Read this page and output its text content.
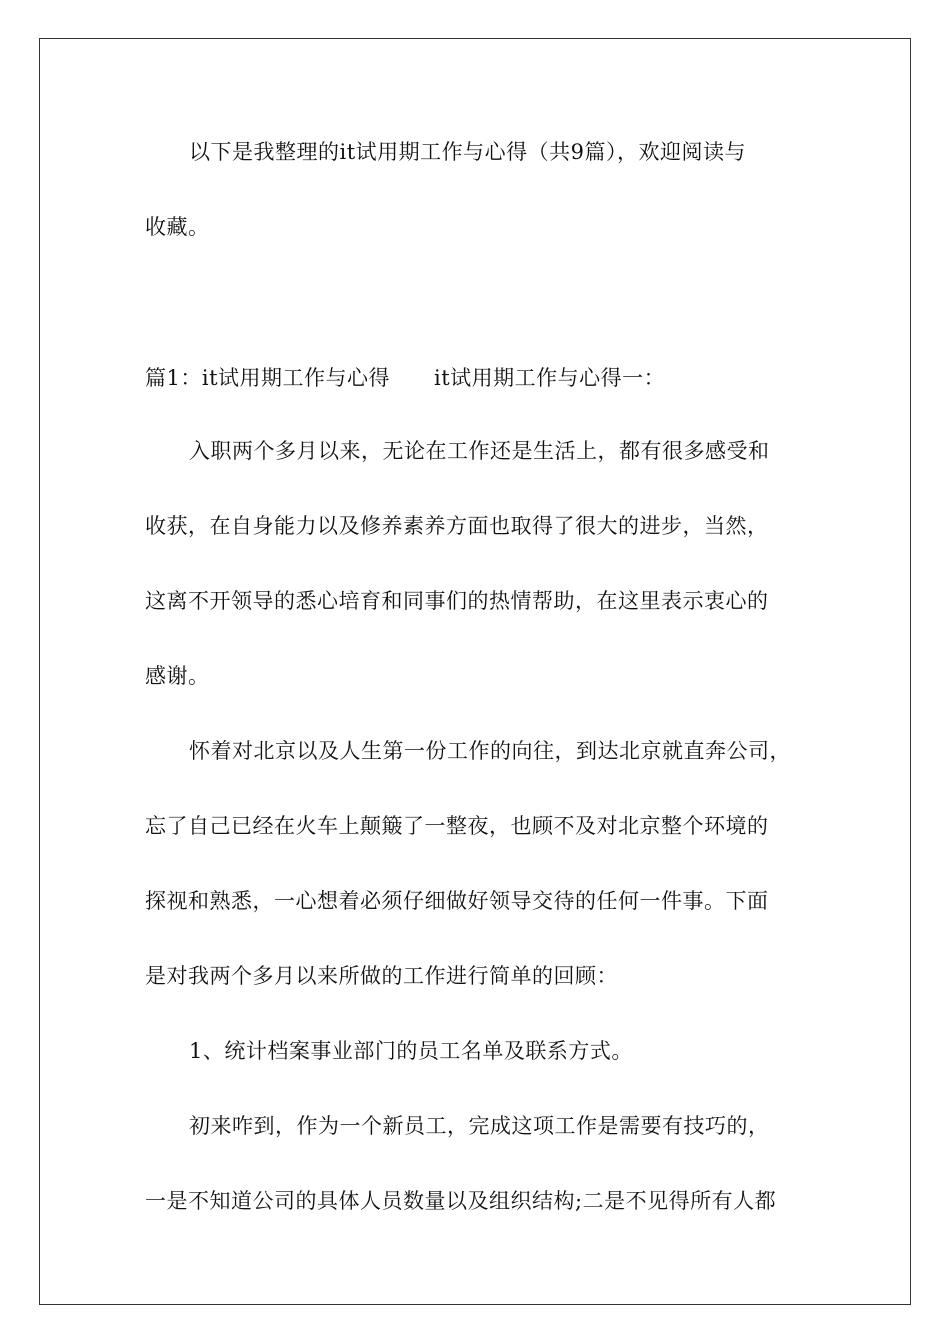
以下是我整理的it试用期工作与心得（共9篇），欢迎阅读与
收藏。
篇1：it试用期工作与心得 it试用期工作与心得一：
入职两个多月以来，无论在工作还是生活上，都有很多感受和
收获，在自身能力以及修养素养方面也取得了很大的进步，当然，
这离不开领导的悉心培育和同事们的热情帮助，在这里表示衷心的
感谢。
怀着对北京以及人生第一份工作的向往，到达北京就直奔公司，
忘了自己已经在火车上颠簸了一整夜，也顾不及对北京整个环境的
探视和熟悉，一心想着必须仔细做好领导交待的任何一件事。下面
是对我两个多月以来所做的工作进行简单的回顾：
1、统计档案事业部门的员工名单及联系方式。
初来咋到，作为一个新员工，完成这项工作是需要有技巧的，
一是不知道公司的具体人员数量以及组织结构;二是不见得所有人都
